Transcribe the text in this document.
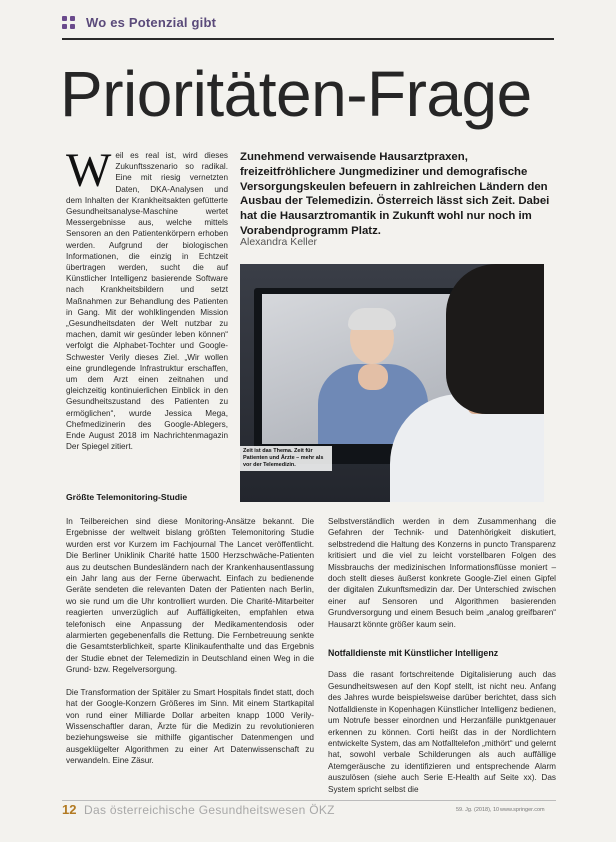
Wo es Potenzial gibt
Prioritäten-Frage
Weil es real ist, wird dieses Zukunftsszenario so radikal. Eine mit riesig vernetzten Daten, DKA-Analysen und dem Inhalten der Krankheitsakten gefütterte Gesundheitsanalyse-Maschine wertet Messergebnisse aus, welche mittels Sensoren an den Patientenkörpern erhoben werden. Aufgrund der biologischen Informationen, die einzig in Echtzeit übertragen werden, sucht die auf Künstlicher Intelligenz basierende Software nach Krankheitsbildern und setzt Maßnahmen zur Behandlung des Patienten in Gang. Mit der wohlklingenden Mission „Gesundheitsdaten der Welt nutzbar zu machen, damit wir gesünder leben können“ verfolgt die Alphabet-Tochter und Google-Schwester Verily dieses Ziel. „Wir wollen eine grundlegende Infrastruktur erschaffen, um dem Arzt einen zeitnahen und gleichzeitig kontinuierlichen Einblick in den Gesundheitszustand des Patienten zu ermöglichen“, wurde Jessica Mega, Chefmedizinerin des Google-Ablegers, Ende August 2018 im Nachrichtenmagazin Der Spiegel zitiert.
Zunehmend verwaisende Hausarztpraxen, freizeitfröhlichere Jungmediziner und demografische Versorgungskeulen befeuern in zahlreichen Ländern den Ausbau der Telemedizin. Österreich lässt sich Zeit. Dabei hat die Hausarztromantik in Zukunft wohl nur noch im Vorabendprogramm Platz.
Alexandra Keller
Zeit ist das Thema. Zeit für Patienten und Ärzte – mehr als vor der Telemedizin.
Größte Telemonitoring-Studie

In Teilbereichen sind diese Monitoring-Ansätze bekannt. Die Ergebnisse der weltweit bislang größten Telemonitoring Studie wurden erst vor Kurzem im Fachjournal The Lancet veröffentlicht. Die Berliner Uniklinik Charité hatte 1500 Herzschwäche-Patienten aus zu deutschen Bundesländern nach der Krankenhausentlassung ein Jahr lang aus der Ferne überwacht. Einfach zu bedienende Geräte sendeten die relevanten Daten der Patienten nach Berlin, wo sie rund um die Uhr kontrolliert wurden. Die Charité-Mitarbeiter reagierten unverzüglich auf Auffälligkeiten, empfahlen etwa telefonisch eine Anpassung der Medikamentendosis oder alarmierten gegebenenfalls die Rettung. Die Fernbetreuung senkte die Gesamtsterblichkeit, sparte Klinikaufenthalte und das Ergebnis der Studie ebnet der Telemedizin in Deutschland einen Weg in die Grund- bzw. Regelversorgung.

Die Transformation der Spitäler zu Smart Hospitals findet statt, doch hat der Google-Konzern Größeres im Sinn. Mit einem Startkapital von rund einer Milliarde Dollar arbeiten knapp 1000 Verily-Wissenschaftler daran, Ärzte für die Medizin zu revolutionieren beziehungsweise sie mithilfe gigantischer Datenmengen und ausgeklügelter Algorithmen zu einer Art Datenwissenschaft zu verwandeln. Eine Zäsur.

Selbstverständlich werden in dem Zusammenhang die Gefahren der Technik- und Datenhörigkeit diskutiert, selbstredend die Haltung des Konzerns in puncto Transparenz kritisiert und die viel zu leicht vorstellbaren Folgen des Missbrauchs der medizinischen Informationsflüsse moniert – doch stellt dieses äußerst konkrete Google-Ziel einen Gipfel der digitalen Zukunftsmedizin dar. Der Unterschied zwischen einer auf Sensoren und Algorithmen basierenden Grundversorgung und einem Besuch beim „analog greifbaren“ Hausarzt könnte größer kaum sein.

Notfalldienste mit Künstlicher Intelligenz

Dass die rasant fortschreitende Digitalisierung auch das Gesundheitswesen auf den Kopf stellt, ist nicht neu. Anfang des Jahres wurde beispielsweise darüber berichtet, dass sich Notfalldienste in Kopenhagen Künstlicher Intelligenz bedienen, um Notrufe besser einordnen und Herzanfälle punktgenauer erkennen zu können. Corti heißt das in der Nordlichtern entwickelte System, das am Notfalltelefon „mithört“ und gelernt hat, sowohl verbale Schilderungen als auch auffällige Atemgeräusche zu identifizieren und entsprechende Alarm auszulösen (siehe auch Serie E-Health auf Seite xx). Das System spricht selbst die

12 Das österreichische Gesundheitswesen ÖKZ	59. Jg. (2018), 10 www.springer.com
